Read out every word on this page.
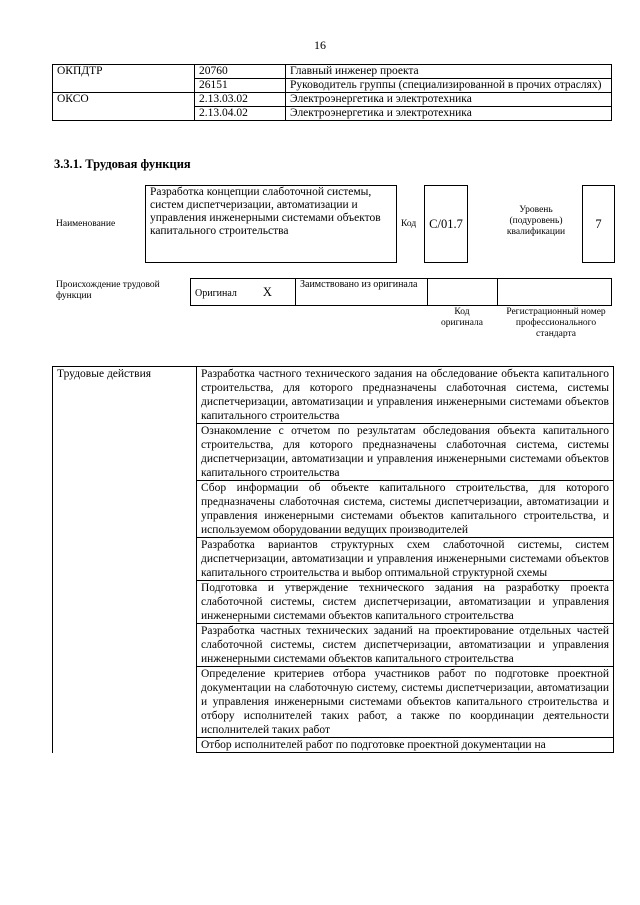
16
ОКПДТР	20760	Главный инженер проекта
	26151	Руководитель группы (специализированной в прочих отраслях)
ОКСО	2.13.03.02	Электроэнергетика и электротехника
	2.13.04.02	Электроэнергетика и электротехника
3.3.1. Трудовая функция
Наименование
Разработка концепции слаботочной системы, систем диспетчеризации, автоматизации и управления инженерными системами объектов капитального строительства
Код	С/01.7
Уровень (подуровень) квалификации
7
Происхождение трудовой функции	Оригинал X	Заимствовано из оригинала		
Код оригинала
Регистрационный номер профессионального стандарта
Трудовые действия	Разработка частного технического задания на обследование объекта капитального строительства, для которого предназначены слаботочная система, системы диспетчеризации, автоматизации и управления инженерными системами объектов капитального строительства
	Ознакомление с отчетом по результатам обследования объекта капитального строительства, для которого предназначены слаботочная система, системы диспетчеризации, автоматизации и управления инженерными системами объектов капитального строительства
	Сбор информации об объекте капитального строительства, для которого предназначены слаботочная система, системы диспетчеризации, автоматизации и управления инженерными системами объектов капитального строительства, и используемом оборудовании ведущих производителей
	Разработка вариантов структурных схем слаботочной системы, систем диспетчеризации, автоматизации и управления инженерными системами объектов капитального строительства и выбор оптимальной структурной схемы
	Подготовка и утверждение технического задания на разработку проекта слаботочной системы, систем диспетчеризации, автоматизации и управления инженерными системами объектов капитального строительства
	Разработка частных технических заданий на проектирование отдельных частей слаботочной системы, систем диспетчеризации, автоматизации и управления инженерными системами объектов капитального строительства
	Определение критериев отбора участников работ по подготовке проектной документации на слаботочную систему, системы диспетчеризации, автоматизации и управления инженерными системами объектов капитального строительства и отбору исполнителей таких работ, а также по координации деятельности исполнителей таких работ
	Отбор исполнителей работ по подготовке проектной документации на
